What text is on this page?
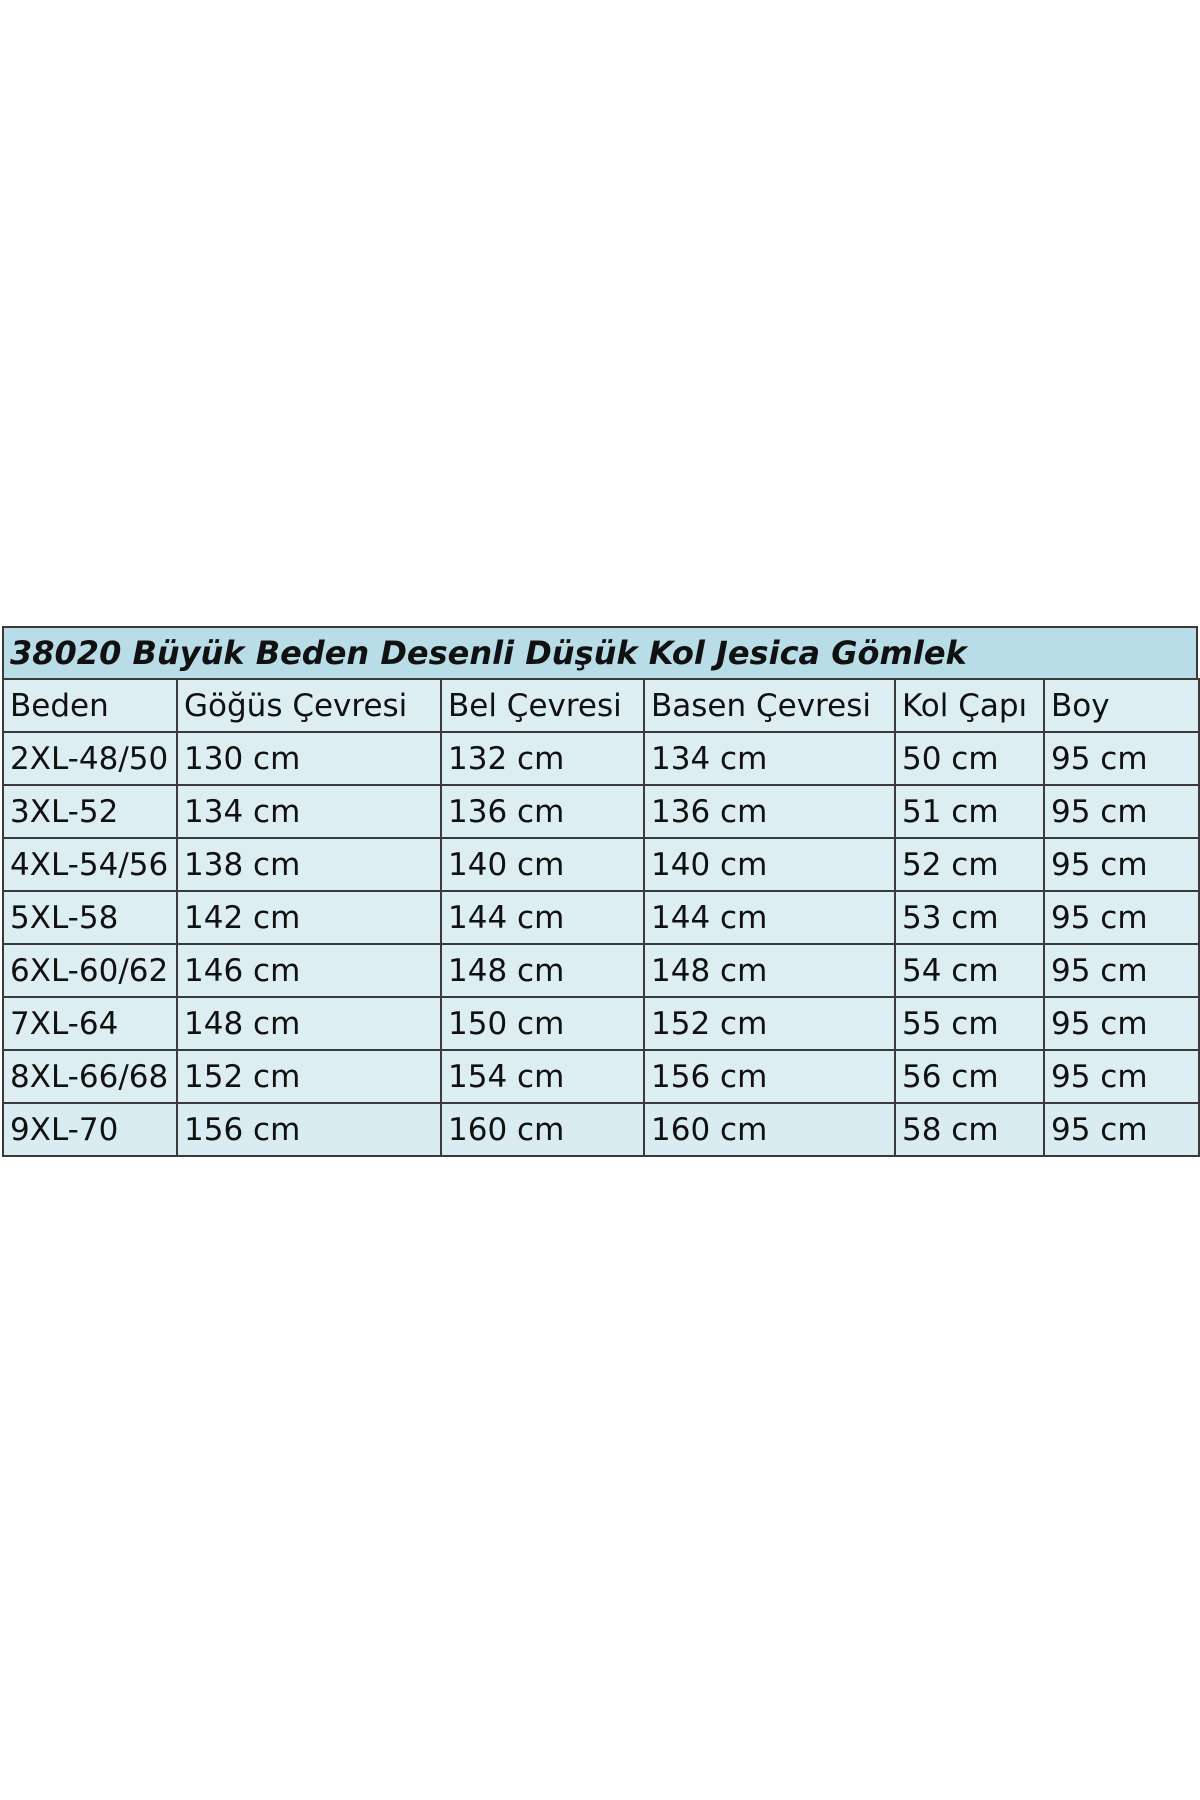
38020 Büyük Beden Desenli Düşük Kol Jesica Gömlek
Beden	Göğüs Çevresi	Bel Çevresi	Basen Çevresi	Kol Çapı	Boy
2XL-48/50	130 cm	132 cm	134 cm	50 cm	95 cm
3XL-52	134 cm	136 cm	136 cm	51 cm	95 cm
4XL-54/56	138 cm	140 cm	140 cm	52 cm	95 cm
5XL-58	142 cm	144 cm	144 cm	53 cm	95 cm
6XL-60/62	146 cm	148 cm	148 cm	54 cm	95 cm
7XL-64	148 cm	150 cm	152 cm	55 cm	95 cm
8XL-66/68	152 cm	154 cm	156 cm	56 cm	95 cm
9XL-70	156 cm	160 cm	160 cm	58 cm	95 cm
